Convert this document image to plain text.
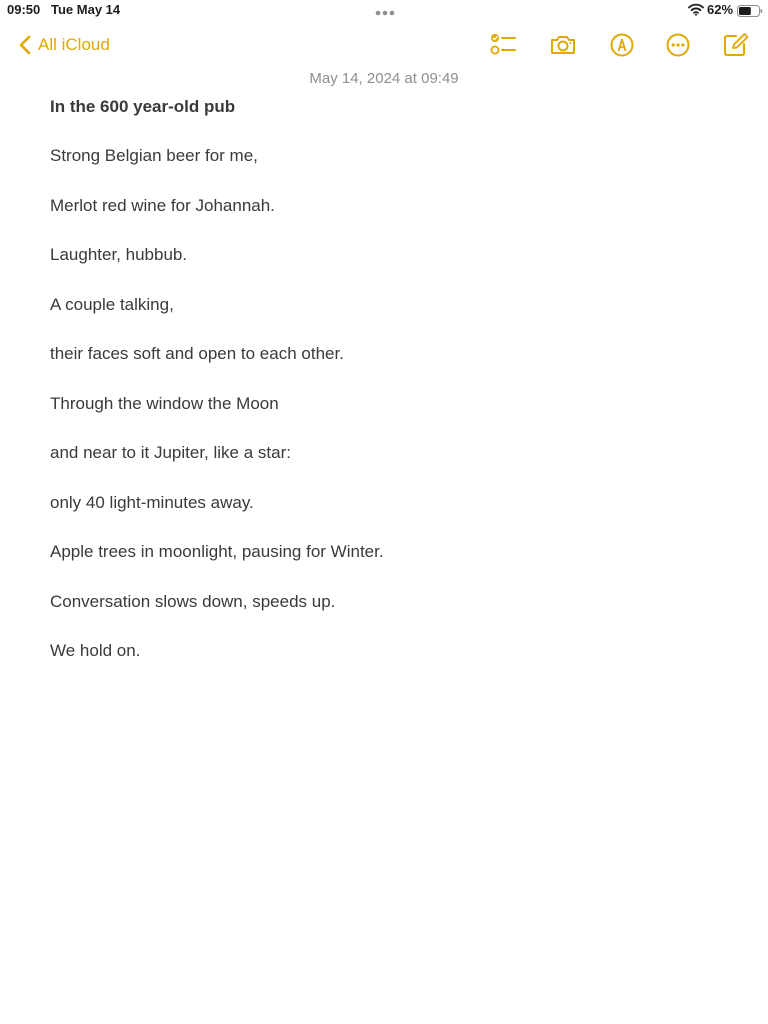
09:50 Tue May 14	62%
All iCloud
May 14, 2024 at 09:49
In the 600 year-old pub
Strong Belgian beer for me,
Merlot red wine for Johannah.
Laughter, hubbub.
A couple talking,
their faces soft and open to each other.
Through the window the Moon
and near to it Jupiter, like a star:
only 40 light-minutes away.
Apple trees in moonlight, pausing for Winter.
Conversation slows down, speeds up.
We hold on.
